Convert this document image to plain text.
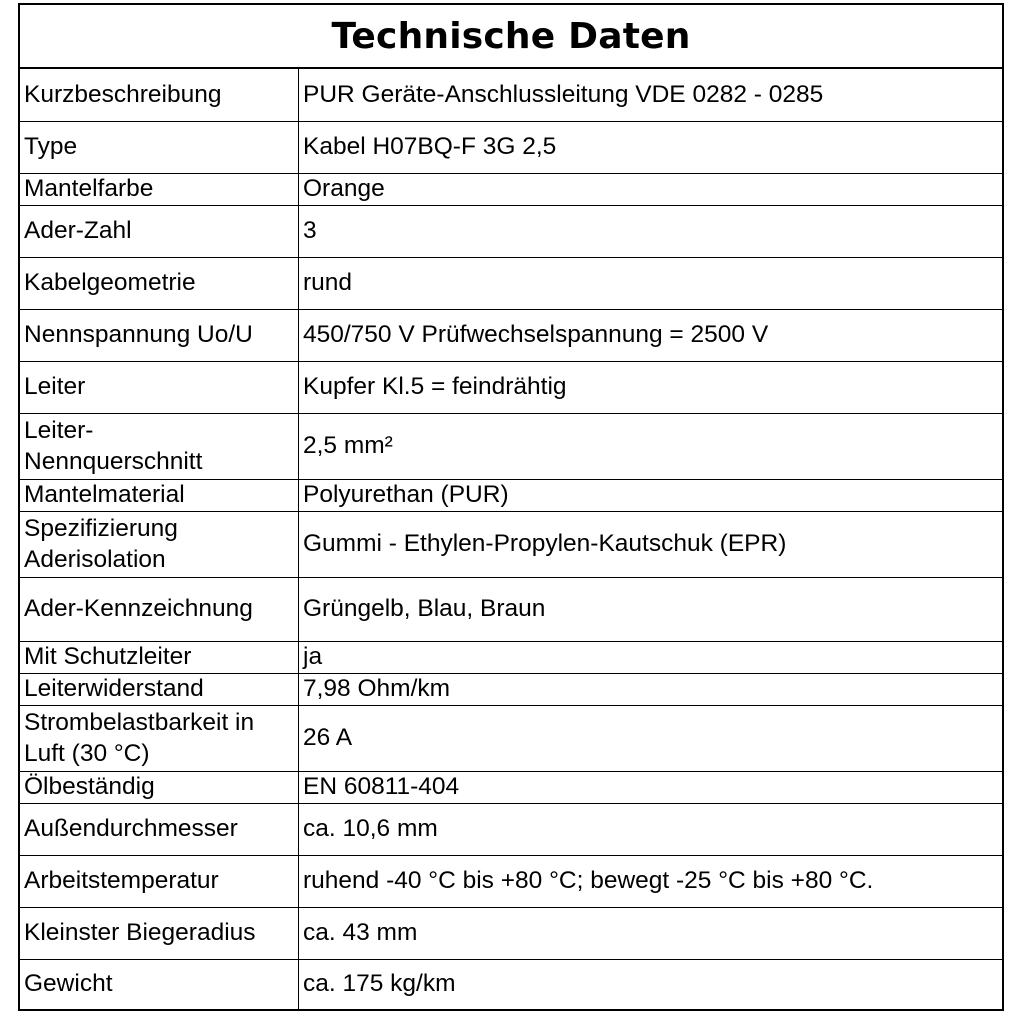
Technische Daten
Kurzbeschreibung	PUR Geräte-Anschlussleitung VDE 0282 - 0285
Type	Kabel H07BQ-F 3G 2,5
Mantelfarbe	Orange
Ader-Zahl	3
Kabelgeometrie	rund
Nennspannung Uo/U	450/750 V Prüfwechselspannung = 2500 V
Leiter	Kupfer Kl.5 = feindrähtig
Leiter-
Nennquerschnitt	2,5 mm²
Mantelmaterial	Polyurethan (PUR)
Spezifizierung
Aderisolation	Gummi - Ethylen-Propylen-Kautschuk (EPR)
Ader-Kennzeichnung	Grüngelb, Blau, Braun
Mit Schutzleiter	ja
Leiterwiderstand	7,98 Ohm/km
Strombelastbarkeit in
Luft (30 °C)	26 A
Ölbeständig	EN 60811-404
Außendurchmesser	ca. 10,6 mm
Arbeitstemperatur	ruhend -40 °C bis +80 °C; bewegt -25 °C bis +80 °C.
Kleinster Biegeradius	ca. 43 mm
Gewicht	ca. 175 kg/km
